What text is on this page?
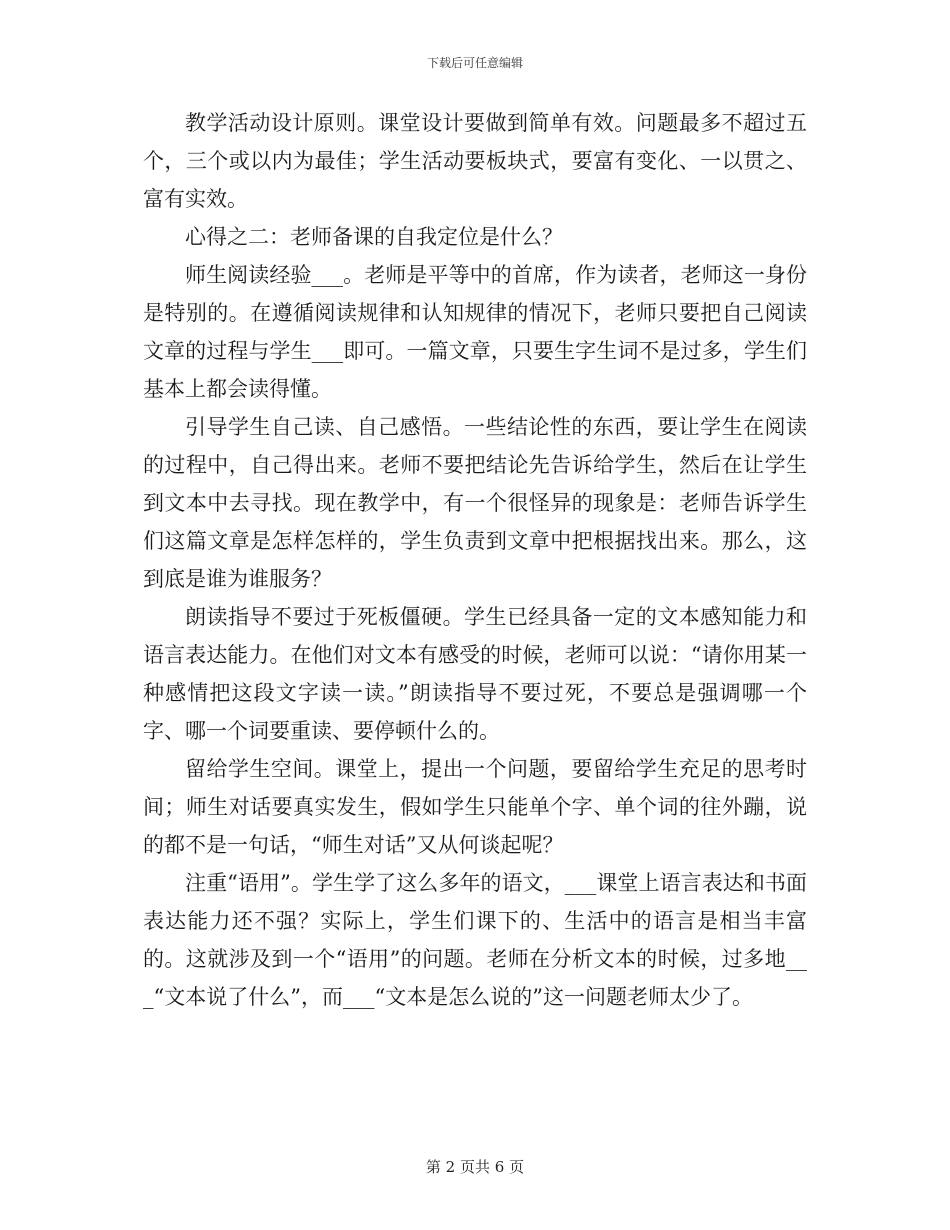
下载后可任意编辑

教学活动设计原则。课堂设计要做到简单有效。问题最多不超过五个，三个或以内为最佳；学生活动要板块式，要富有变化、一以贯之、富有实效。

心得之二：老师备课的自我定位是什么？

师生阅读经验___。老师是平等中的首席，作为读者，老师这一身份是特别的。在遵循阅读规律和认知规律的情况下，老师只要把自己阅读文章的过程与学生___即可。一篇文章，只要生字生词不是过多，学生们基本上都会读得懂。

引导学生自己读、自己感悟。一些结论性的东西，要让学生在阅读的过程中，自己得出来。老师不要把结论先告诉给学生，然后在让学生到文本中去寻找。现在教学中，有一个很怪异的现象是：老师告诉学生们这篇文章是怎样怎样的，学生负责到文章中把根据找出来。那么，这到底是谁为谁服务？

朗读指导不要过于死板僵硬。学生已经具备一定的文本感知能力和语言表达能力。在他们对文本有感受的时候，老师可以说：“请你用某一种感情把这段文字读一读。”朗读指导不要过死，不要总是强调哪一个字、哪一个词要重读、要停顿什么的。

留给学生空间。课堂上，提出一个问题，要留给学生充足的思考时间；师生对话要真实发生，假如学生只能单个字、单个词的往外蹦，说的都不是一句话，“师生对话”又从何谈起呢？

注重“语用”。学生学了这么多年的语文，___课堂上语言表达和书面表达能力还不强？实际上，学生们课下的、生活中的语言是相当丰富的。这就涉及到一个“语用”的问题。老师在分析文本的时候，过多地___“文本说了什么”，而___“文本是怎么说的”这一问题老师太少了。

第 2 页共 6 页
